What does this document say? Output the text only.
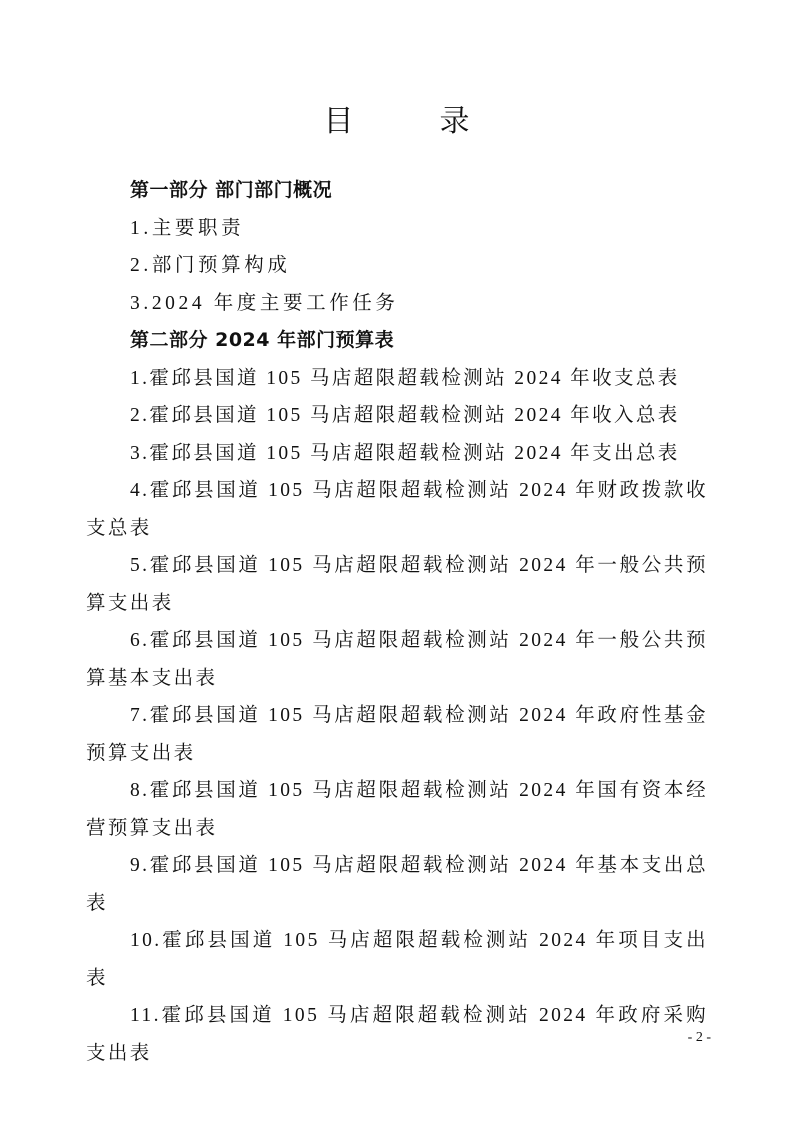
目　录
第一部分 部门部门概况
1.主要职责
2.部门预算构成
3.2024 年度主要工作任务
第二部分 2024 年部门预算表
1.霍邱县国道 105 马店超限超载检测站 2024 年收支总表
2.霍邱县国道 105 马店超限超载检测站 2024 年收入总表
3.霍邱县国道 105 马店超限超载检测站 2024 年支出总表
4.霍邱县国道 105 马店超限超载检测站 2024 年财政拨款收支总表
5.霍邱县国道 105 马店超限超载检测站 2024 年一般公共预算支出表
6.霍邱县国道 105 马店超限超载检测站 2024 年一般公共预算基本支出表
7.霍邱县国道 105 马店超限超载检测站 2024 年政府性基金预算支出表
8.霍邱县国道 105 马店超限超载检测站 2024 年国有资本经营预算支出表
9.霍邱县国道 105 马店超限超载检测站 2024 年基本支出总表
10.霍邱县国道 105 马店超限超载检测站 2024 年项目支出表
11.霍邱县国道 105 马店超限超载检测站 2024 年政府采购支出表
- 2 -
